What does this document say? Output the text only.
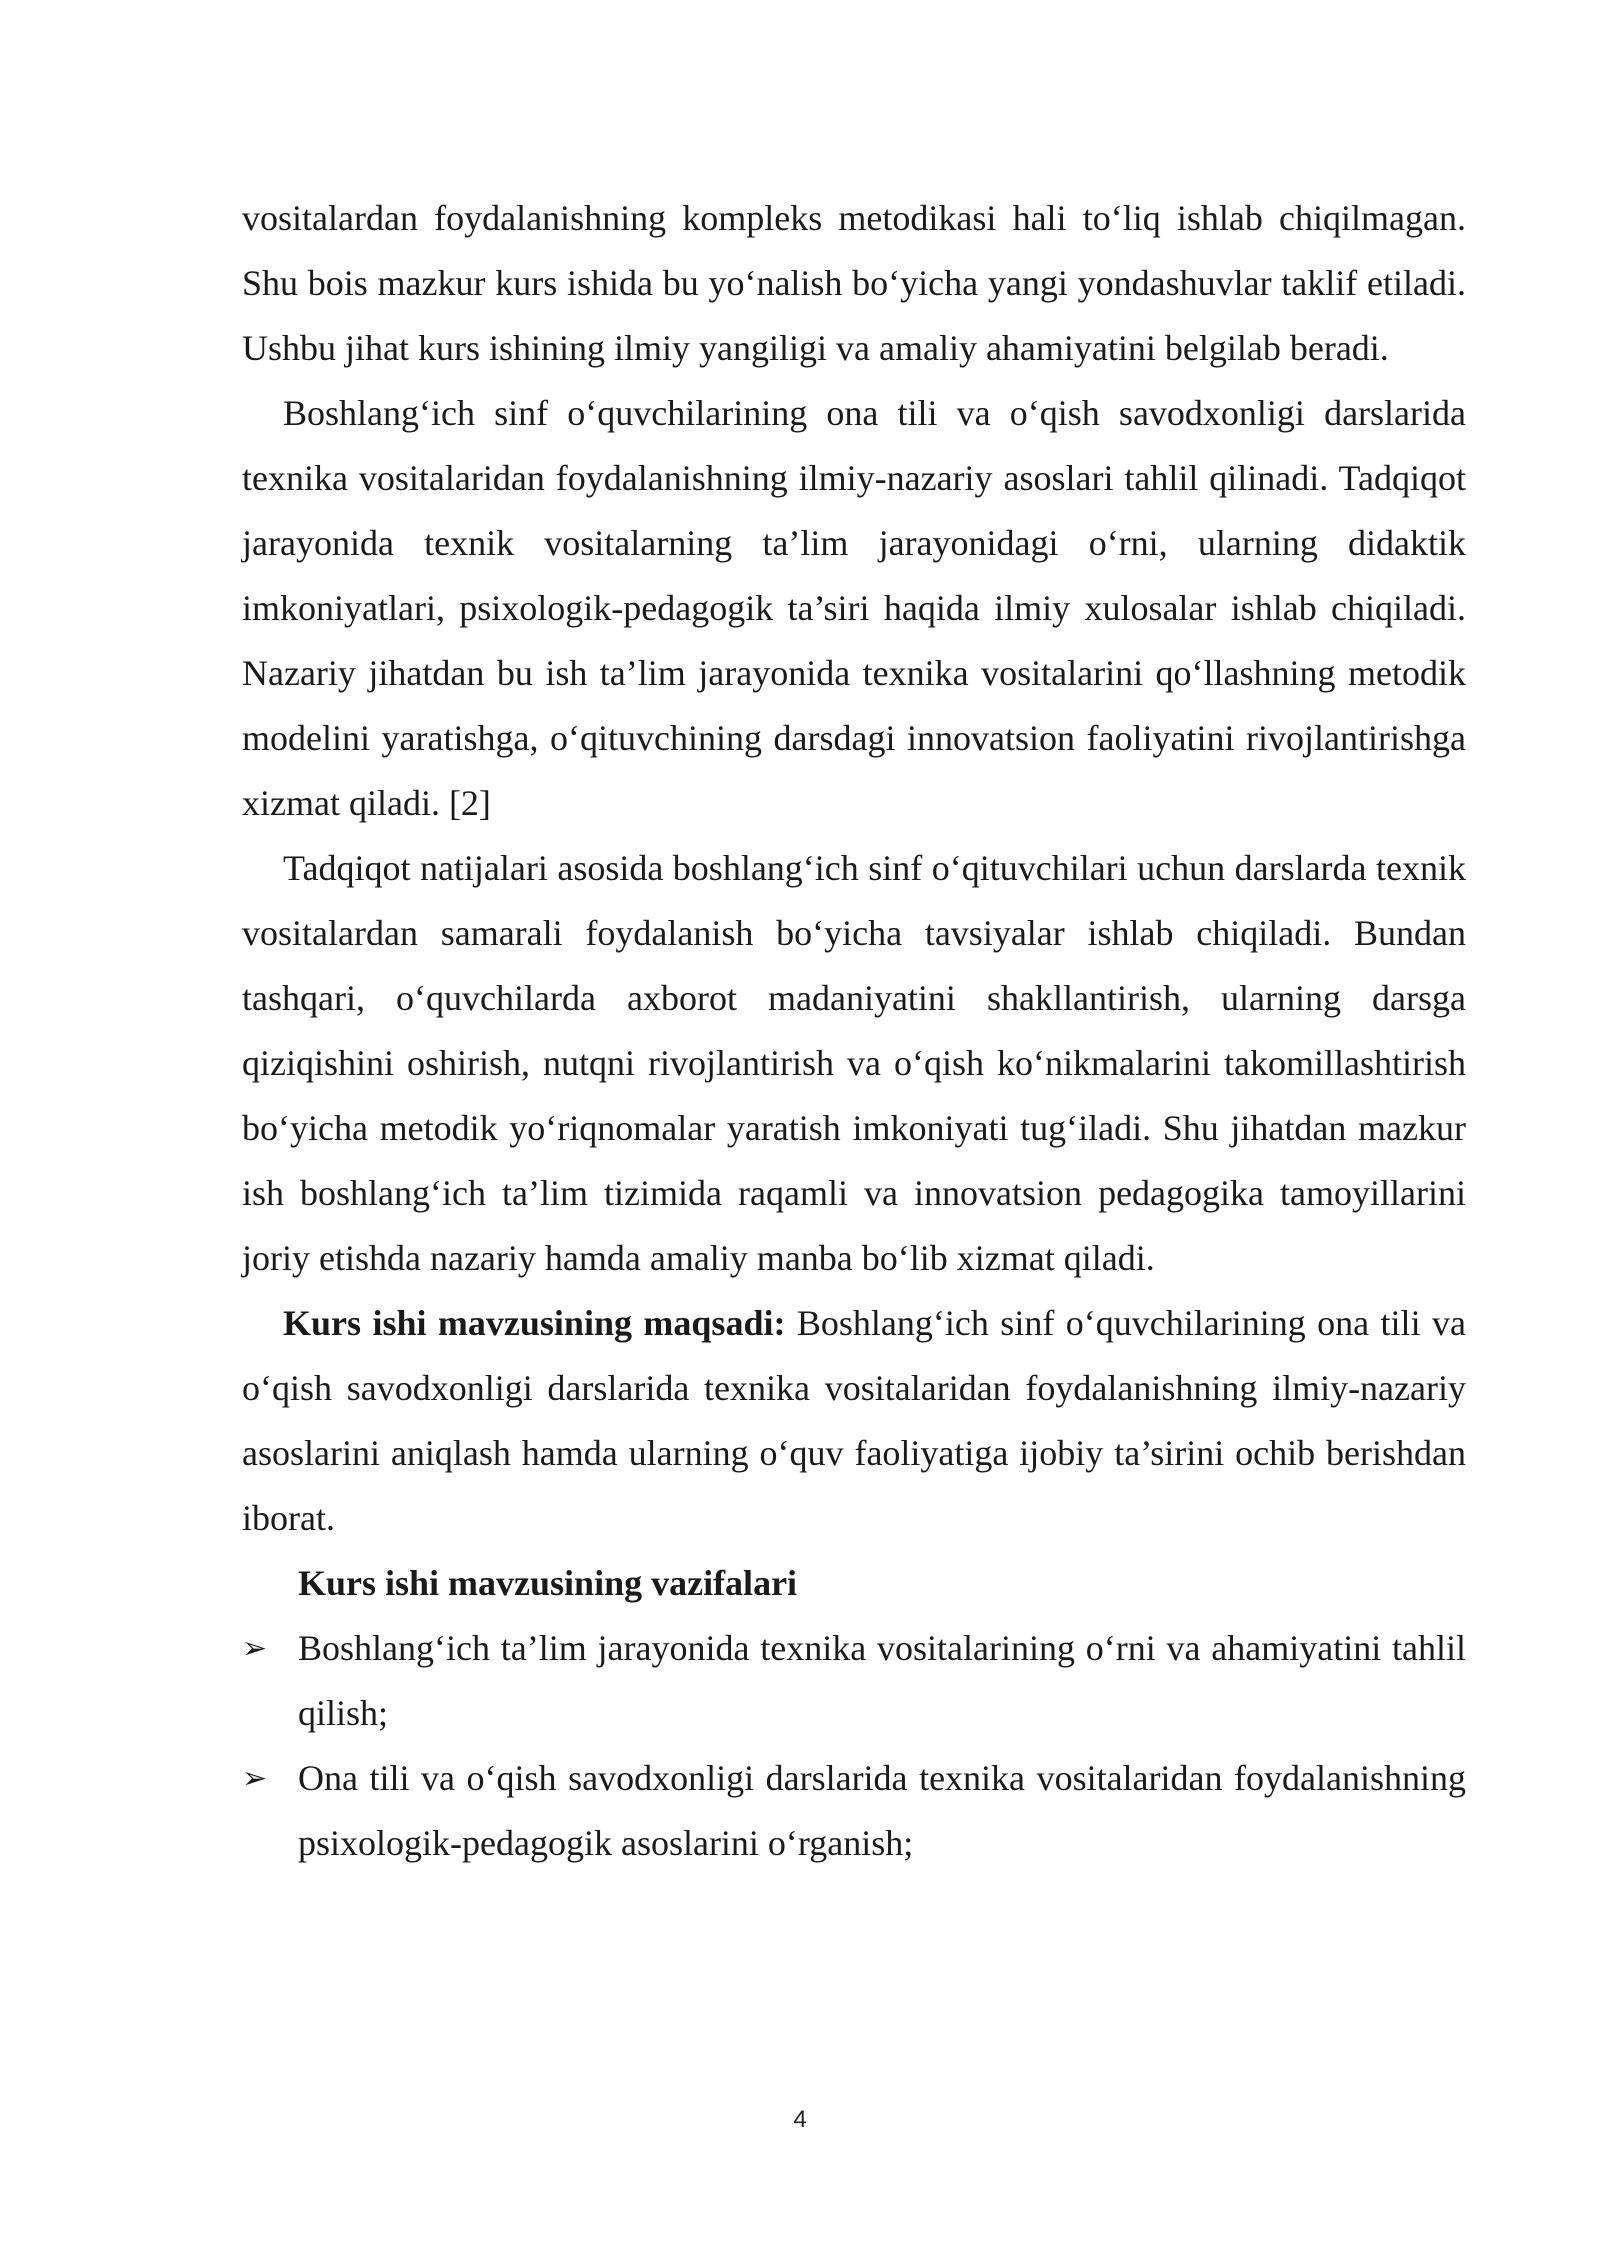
vositalardan foydalanishning kompleks metodikasi hali to‘liq ishlab chiqilmagan. Shu bois mazkur kurs ishida bu yo‘nalish bo‘yicha yangi yondashuvlar taklif etiladi. Ushbu jihat kurs ishining ilmiy yangiligi va amaliy ahamiyatini belgilab beradi.

Boshlang‘ich sinf o‘quvchilarining ona tili va o‘qish savodxonligi darslarida texnika vositalaridan foydalanishning ilmiy-nazariy asoslari tahlil qilinadi. Tadqiqot jarayonida texnik vositalarning ta’lim jarayonidagi o‘rni, ularning didaktik imkoniyatlari, psixologik-pedagogik ta’siri haqida ilmiy xulosalar ishlab chiqiladi. Nazariy jihatdan bu ish ta’lim jarayonida texnika vositalarini qo‘llashning metodik modelini yaratishga, o‘qituvchining darsdagi innovatsion faoliyatini rivojlantirishga xizmat qiladi. [2]

Tadqiqot natijalari asosida boshlang‘ich sinf o‘qituvchilari uchun darslarda texnik vositalardan samarali foydalanish bo‘yicha tavsiyalar ishlab chiqiladi. Bundan tashqari, o‘quvchilarda axborot madaniyatini shakllantirish, ularning darsga qiziqishini oshirish, nutqni rivojlantirish va o‘qish ko‘nikmalarini takomillashtirish bo‘yicha metodik yo‘riqnomalar yaratish imkoniyati tug‘iladi. Shu jihatdan mazkur ish boshlang‘ich ta’lim tizimida raqamli va innovatsion pedagogika tamoyillarini joriy etishda nazariy hamda amaliy manba bo‘lib xizmat qiladi.

Kurs ishi mavzusining maqsadi: Boshlang‘ich sinf o‘quvchilarining ona tili va o‘qish savodxonligi darslarida texnika vositalaridan foydalanishning ilmiy-nazariy asoslarini aniqlash hamda ularning o‘quv faoliyatiga ijobiy ta’sirini ochib berishdan iborat.

Kurs ishi mavzusining vazifalari
➢ Boshlang‘ich ta’lim jarayonida texnika vositalarining o‘rni va ahamiyatini tahlil qilish;
➢ Ona tili va o‘qish savodxonligi darslarida texnika vositalaridan foydalanishning psixologik-pedagogik asoslarini o‘rganish;
4
